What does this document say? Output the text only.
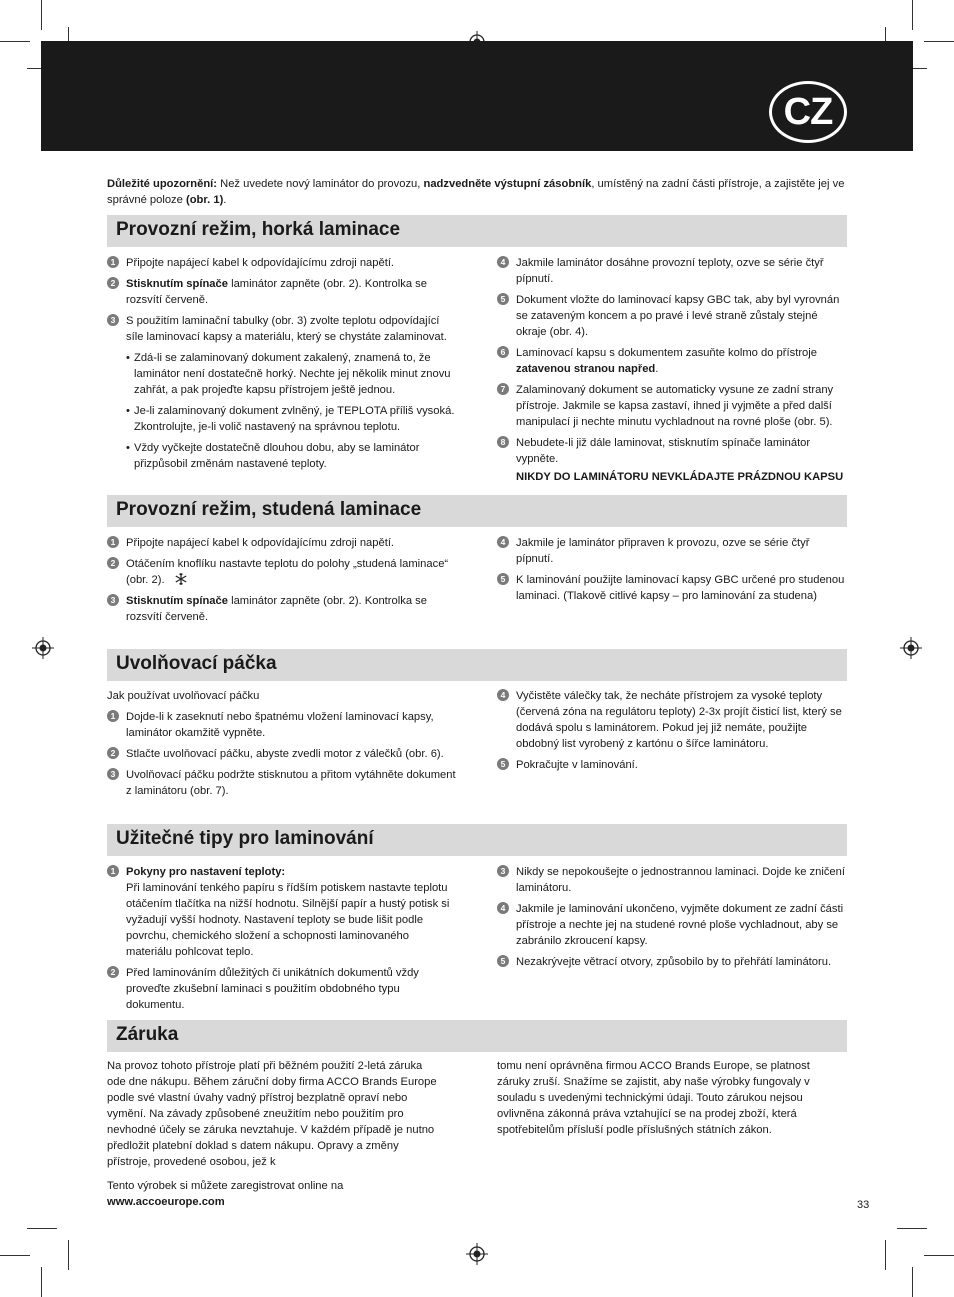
CZ
Důležité upozornění: Než uvedete nový laminátor do provozu, nadzvedněte výstupní zásobník, umístěný na zadní části přístroje, a zajistěte jej ve správné poloze (obr. 1).
Provozní režim, horká laminace
1 Připojte napájecí kabel k odpovídajícímu zdroji napětí.
2 Stisknutím spínače laminátor zapněte (obr. 2). Kontrolka se rozsvítí červeně.
3 S použitím laminační tabulky (obr. 3) zvolte teplotu odpovídající síle laminovací kapsy a materiálu, který se chystáte zalaminovat.
• Zdá-li se zalaminovaný dokument zakalený, znamená to, že laminátor není dostatečně horký. Nechte jej několik minut znovu zahřát, a pak projeďte kapsu přístrojem ještě jednou.
• Je-li zalaminovaný dokument zvlněný, je TEPLOTA příliš vysoká. Zkontrolujte, je-li volič nastavený na správnou teplotu.
• Vždy vyčkejte dostatečně dlouhou dobu, aby se laminátor přizpůsobil změnám nastavené teploty.
4 Jakmile laminátor dosáhne provozní teploty, ozve se série čtyř pípnutí.
5 Dokument vložte do laminovací kapsy GBC tak, aby byl vyrovnán se zataveným koncem a po pravé i levé straně zůstaly stejné okraje (obr. 4).
6 Laminovací kapsu s dokumentem zasuňte kolmo do přístroje zatavenou stranou napřed.
7 Zalaminovaný dokument se automaticky vysune ze zadní strany přístroje. Jakmile se kapsa zastaví, ihned ji vyjměte a před další manipulací ji nechte minutu vychladnout na rovné ploše (obr. 5).
8 Nebudete-li již dále laminovat, stisknutím spínače laminátor vypněte.
NIKDY DO LAMINÁTORU NEVKLÁDAJTE PRÁZDNOU KAPSU
Provozní režim, studená laminace
1 Připojte napájecí kabel k odpovídajícímu zdroji napětí.
2 Otáčením knoflíku nastavte teplotu do polohy „studená laminace“ (obr. 2).
3 Stisknutím spínače laminátor zapněte (obr. 2). Kontrolka se rozsvítí červeně.
4 Jakmile je laminátor připraven k provozu, ozve se série čtyř pípnutí.
5 K laminování použijte laminovací kapsy GBC určené pro studenou laminaci. (Tlakově citlivé kapsy – pro laminování za studena)
Uvolňovací páčka
Jak používat uvolňovací páčku
1 Dojde-li k zaseknutí nebo špatnému vložení laminovací kapsy, laminátor okamžitě vypněte.
2 Stlačte uvolňovací páčku, abyste zvedli motor z válečků (obr. 6).
3 Uvolňovací páčku podržte stisknutou a přitom vytáhněte dokument z laminátoru (obr. 7).
4 Vyčistěte válečky tak, že necháte přístrojem za vysoké teploty (červená zóna na regulátoru teploty) 2-3x projít čisticí list, který se dodává spolu s laminátorem. Pokud jej již nemáte, použijte obdobný list vyrobený z kartónu o šířce laminátoru.
5 Pokračujte v laminování.
Užitečné tipy pro laminování
1 Pokyny pro nastavení teploty:
Při laminování tenkého papíru s řídším potiskem nastavte teplotu otáčením tlačítka na nižší hodnotu. Silnější papír a hustý potisk si vyžadují vyšší hodnoty. Nastavení teploty se bude lišit podle povrchu, chemického složení a schopnosti laminovaného materiálu pohlcovat teplo.
2 Před laminováním důležitých či unikátních dokumentů vždy proveďte zkušební laminaci s použitím obdobného typu dokumentu.
3 Nikdy se nepokoušejte o jednostrannou laminaci. Dojde ke zničení laminátoru.
4 Jakmile je laminování ukončeno, vyjměte dokument ze zadní části přístroje a nechte jej na studené rovné ploše vychladnout, aby se zabránilo zkroucení kapsy.
5 Nezakrývejte větrací otvory, způsobilo by to přehřátí laminátoru.
Záruka

Na provoz tohoto přístroje platí při běžném použití 2-letá záruka ode dne nákupu. Během záruční doby firma ACCO Brands Europe podle své vlastní úvahy vadný přístroj bezplatně opraví nebo vymění. Na závady způsobené zneužitím nebo použitím pro nevhodné účely se záruka nevztahuje. V každém případě je nutno předložit platební doklad s datem nákupu. Opravy a změny přístroje, provedené osobou, jež k

Tento výrobek si můžete zaregistrovat online na www.accoeurope.com

tomu není oprávněna firmou ACCO Brands Europe, se platnost záruky zruší. Snažíme se zajistit, aby naše výrobky fungovaly v souladu s uvedenými technickými údaji. Touto zárukou nejsou ovlivněna zákonná práva vztahující se na prodej zboží, která spotřebitelům přísluší podle příslušných státních zákon.

33
